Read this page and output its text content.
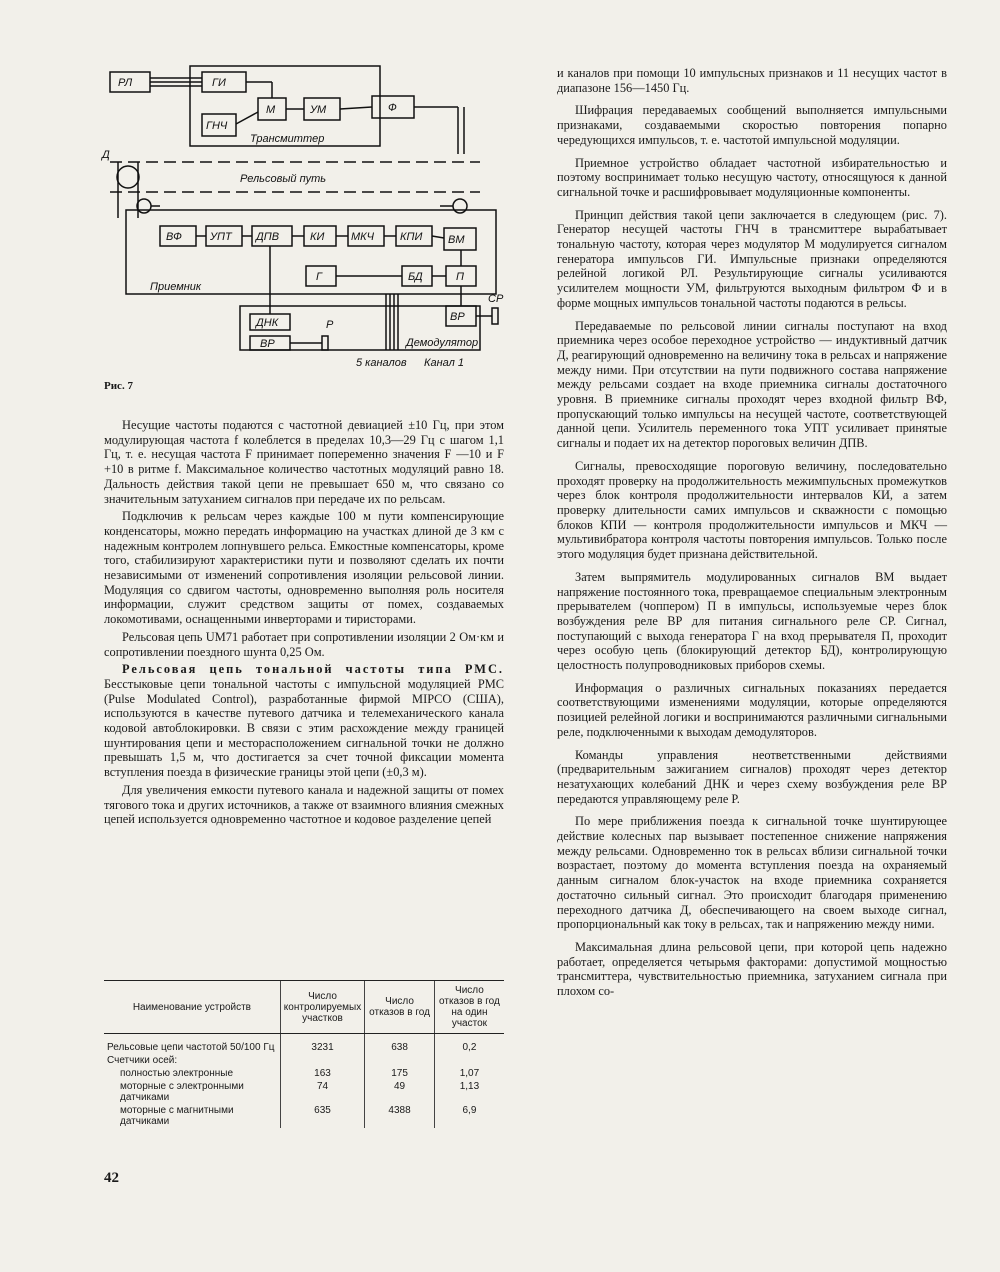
РЛ	ГИ
М	УМ
ГНЧ
Ф
Трансмиттер
Д
Рельсовый путь
ВФ	УПТ ДПВ	КИ МКЧ КПИ ВМ
Г	БД	П
Приемник
ВР
СР
ДНК
ВР
Р
Демодулятор
5 каналов Канал 1
Рис. 7

Несущие частоты подаются с частотной девиацией ±10 Гц, при этом модулирующая частота f колеблется в пределах 10,3—29 Гц с шагом 1,1 Гц, т. е. несущая частота F принимает попеременно значения F —10 и F +10 в ритме f. Максимальное количество частотных модуляций равно 18. Дальность действия такой цепи не превышает 650 м, что связано со значительным затуханием сигналов при передаче их по рельсам.

Подключив к рельсам через каждые 100 м пути компенсирующие конденсаторы, можно передать информацию на участках длиной де 3 км с надежным контролем лопнувшего рельса. Емкостные компенсаторы, кроме того, стабилизируют характеристики пути и позволяют сделать их почти независимыми от изменений сопротивления изоляции рельсовой линии. Модуляция со сдвигом частоты, одновременно выполняя роль носителя информации, служит средством защиты от помех, создаваемых локомотивами, оснащенными инверторами и тиристорами.

Рельсовая цепь UM71 работает при сопротивлении изоляции 2 Ом·км и сопротивлении поездного шунта 0,25 Ом.

Рельсовая цепь тональной частоты типа РМС. Бесстыковые цепи тональной частоты с импульсной модуляцией РМС (Pulse Modulated Control), разработанные фирмой MIPCO (США), используются в качестве путевого датчика и телемеханического канала кодовой автоблокировки. В связи с этим расхождение между границей шунтирования цепи и месторасположением сигнальной точки не должно превышать 1,5 м, что достигается за счет точной фиксации момента вступления поезда в физические границы этой цепи (±0,3 м).

Для увеличения емкости путевого канала и надежной защиты от помех тягового тока и других источников, а также от взаимного влияния смежных цепей используется одновременно частотное и кодовое разделение цепей

Наименование устройств	Число контролируемых участков	Число отказов в год	Число отказов в год на один участок
Рельсовые цепи частотой 50/100 Гц	3231	638	0,2
Счетчики осей:			
полностью электронные	163	175	1,07
моторные с электронными датчиками	74	49	1,13
моторные с магнитными датчиками	635	4388	6,9
42

и каналов при помощи 10 импульсных признаков и 11 несущих частот в диапазоне 156—1450 Гц.

Шифрация передаваемых сообщений выполняется импульсными признаками, создаваемыми скоростью повторения попарно чередующихся импульсов, т. е. частотой импульсной модуляции.

Приемное устройство обладает частотной избирательностью и поэтому воспринимает только несущую частоту, относящуюся к данной сигнальной точке и расшифровывает модуляционные компоненты.

Принцип действия такой цепи заключается в следующем (рис. 7). Генератор несущей частоты ГНЧ в трансмиттере вырабатывает тональную частоту, которая через модулятор М модулируется сигналом генератора импульсов ГИ. Импульсные признаки определяются релейной логикой РЛ. Результирующие сигналы усиливаются усилителем мощности УМ, фильтруются выходным фильтром Ф и в форме мощных импульсов тональной частоты подаются в рельсы.

Передаваемые по рельсовой линии сигналы поступают на вход приемника через особое переходное устройство — индуктивный датчик Д, реагирующий одновременно на величину тока в рельсах и напряжение между ними. При отсутствии на пути подвижного состава напряжение между рельсами создает на входе приемника сигналы достаточного уровня. В приемнике сигналы проходят через входной фильтр ВФ, пропускающий только импульсы на несущей частоте, соответствующей данной цепи. Усилитель переменного тока УПТ усиливает принятые сигналы и подает их на детектор пороговых величин ДПВ.

Сигналы, превосходящие пороговую величину, последовательно проходят проверку на продолжительность межимпульсных промежутков через блок контроля продолжительности интервалов КИ, а затем проверку длительности самих импульсов и скважности с помощью блоков КПИ — контроля продолжительности импульсов и МКЧ — мультивибратора контроля частоты повторения импульсов. Только после этого модуляция будет признана действительной.

Затем выпрямитель модулированных сигналов ВМ выдает напряжение постоянного тока, превращаемое специальным электронным прерывателем (чоппером) П в импульсы, используемые через блок возбуждения реле ВР для питания сигнального реле СР. Сигнал, поступающий с выхода генератора Г на вход прерывателя П, проходит через особую цепь (блокирующий детектор БД), контролирующую целостность полупроводниковых приборов схемы.

Информация о различных сигнальных показаниях передается соответствующими изменениями модуляции, которые определяются позицией релейной логики и воспринимаются различными сигнальными реле, подключенными к выходам демодуляторов.

Команды управления неответственными действиями (предварительным зажиганием сигналов) проходят через детектор незатухающих колебаний ДНК и через схему возбуждения реле ВР передаются управляющему реле Р.

По мере приближения поезда к сигнальной точке шунтирующее действие колесных пар вызывает постепенное снижение напряжения между рельсами. Одновременно ток в рельсах вблизи сигнальной точки возрастает, поэтому до момента вступления поезда на охраняемый данным сигналом блок-участок на входе приемника сохраняется достаточно сильный сигнал. Это происходит благодаря применению переходного датчика Д, обеспечивающего на своем выходе сигнал, пропорциональный как току в рельсах, так и напряжению между ними.

Максимальная длина рельсовой цепи, при которой цепь надежно работает, определяется четырьмя факторами: допустимой мощностью трансмиттера, чувствительностью приемника, затуханием сигнала при плохом со-
